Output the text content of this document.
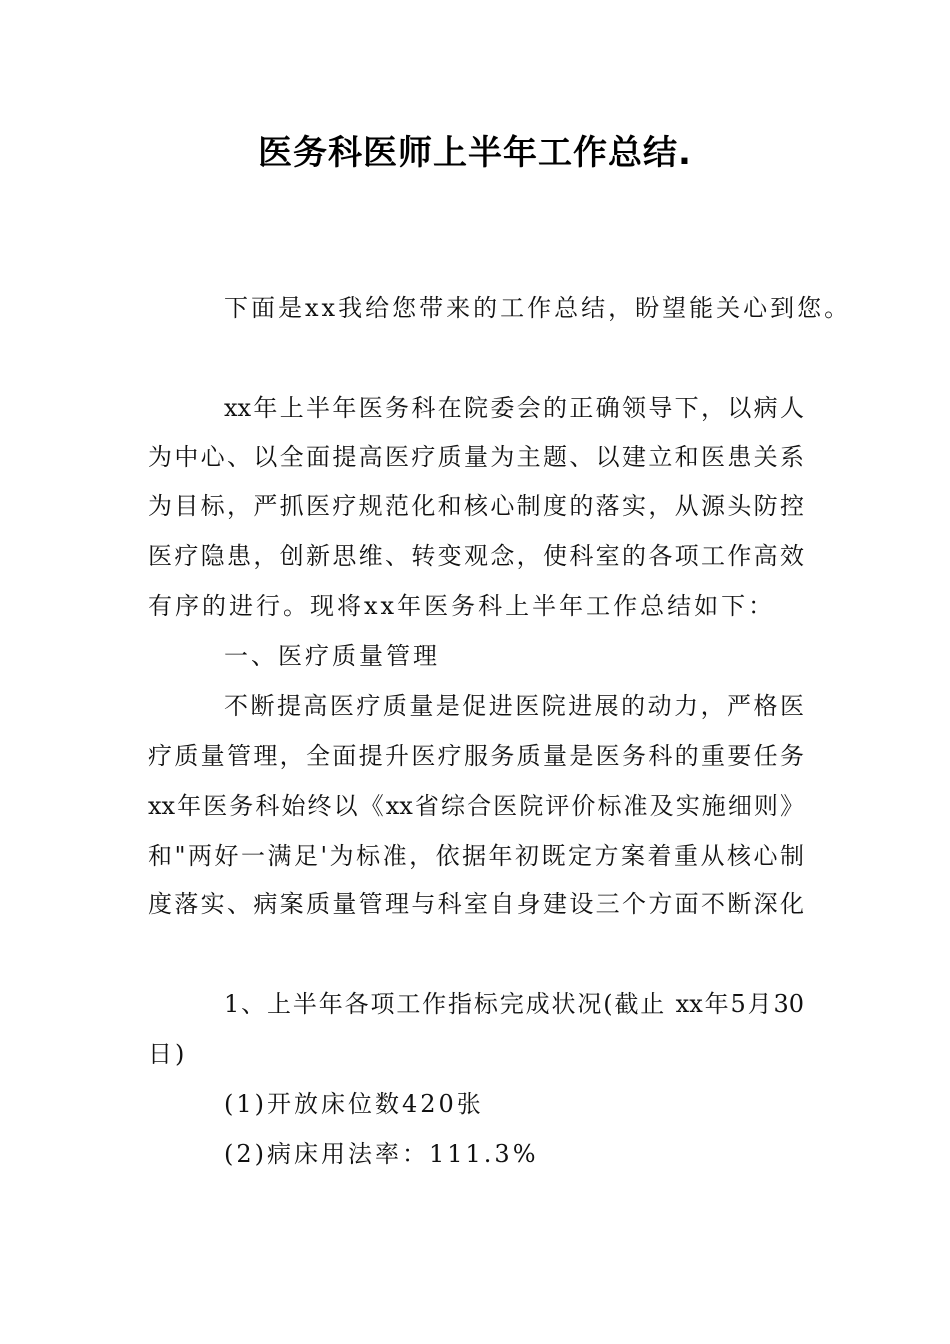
医务科医师上半年工作总结.
下面是xx我给您带来的工作总结，盼望能关心到您。
xx年上半年医务科在院委会的正确领导下，以病人
为中心、以全面提高医疗质量为主题、以建立和医患关系
为目标，严抓医疗规范化和核心制度的落实，从源头防控
医疗隐患，创新思维、转变观念，使科室的各项工作高效
有序的进行。现将xx年医务科上半年工作总结如下：
一、医疗质量管理
不断提高医疗质量是促进医院进展的动力，严格医
疗质量管理，全面提升医疗服务质量是医务科的重要任务
xx年医务科始终以《xx省综合医院评价标准及实施细则》
和"两好一满足'为标准，依据年初既定方案着重从核心制
度落实、病案质量管理与科室自身建设三个方面不断深化
1、上半年各项工作指标完成状况(截止 xx年5月30
日)
(1)开放床位数420张
(2)病床用法率：111.3%
